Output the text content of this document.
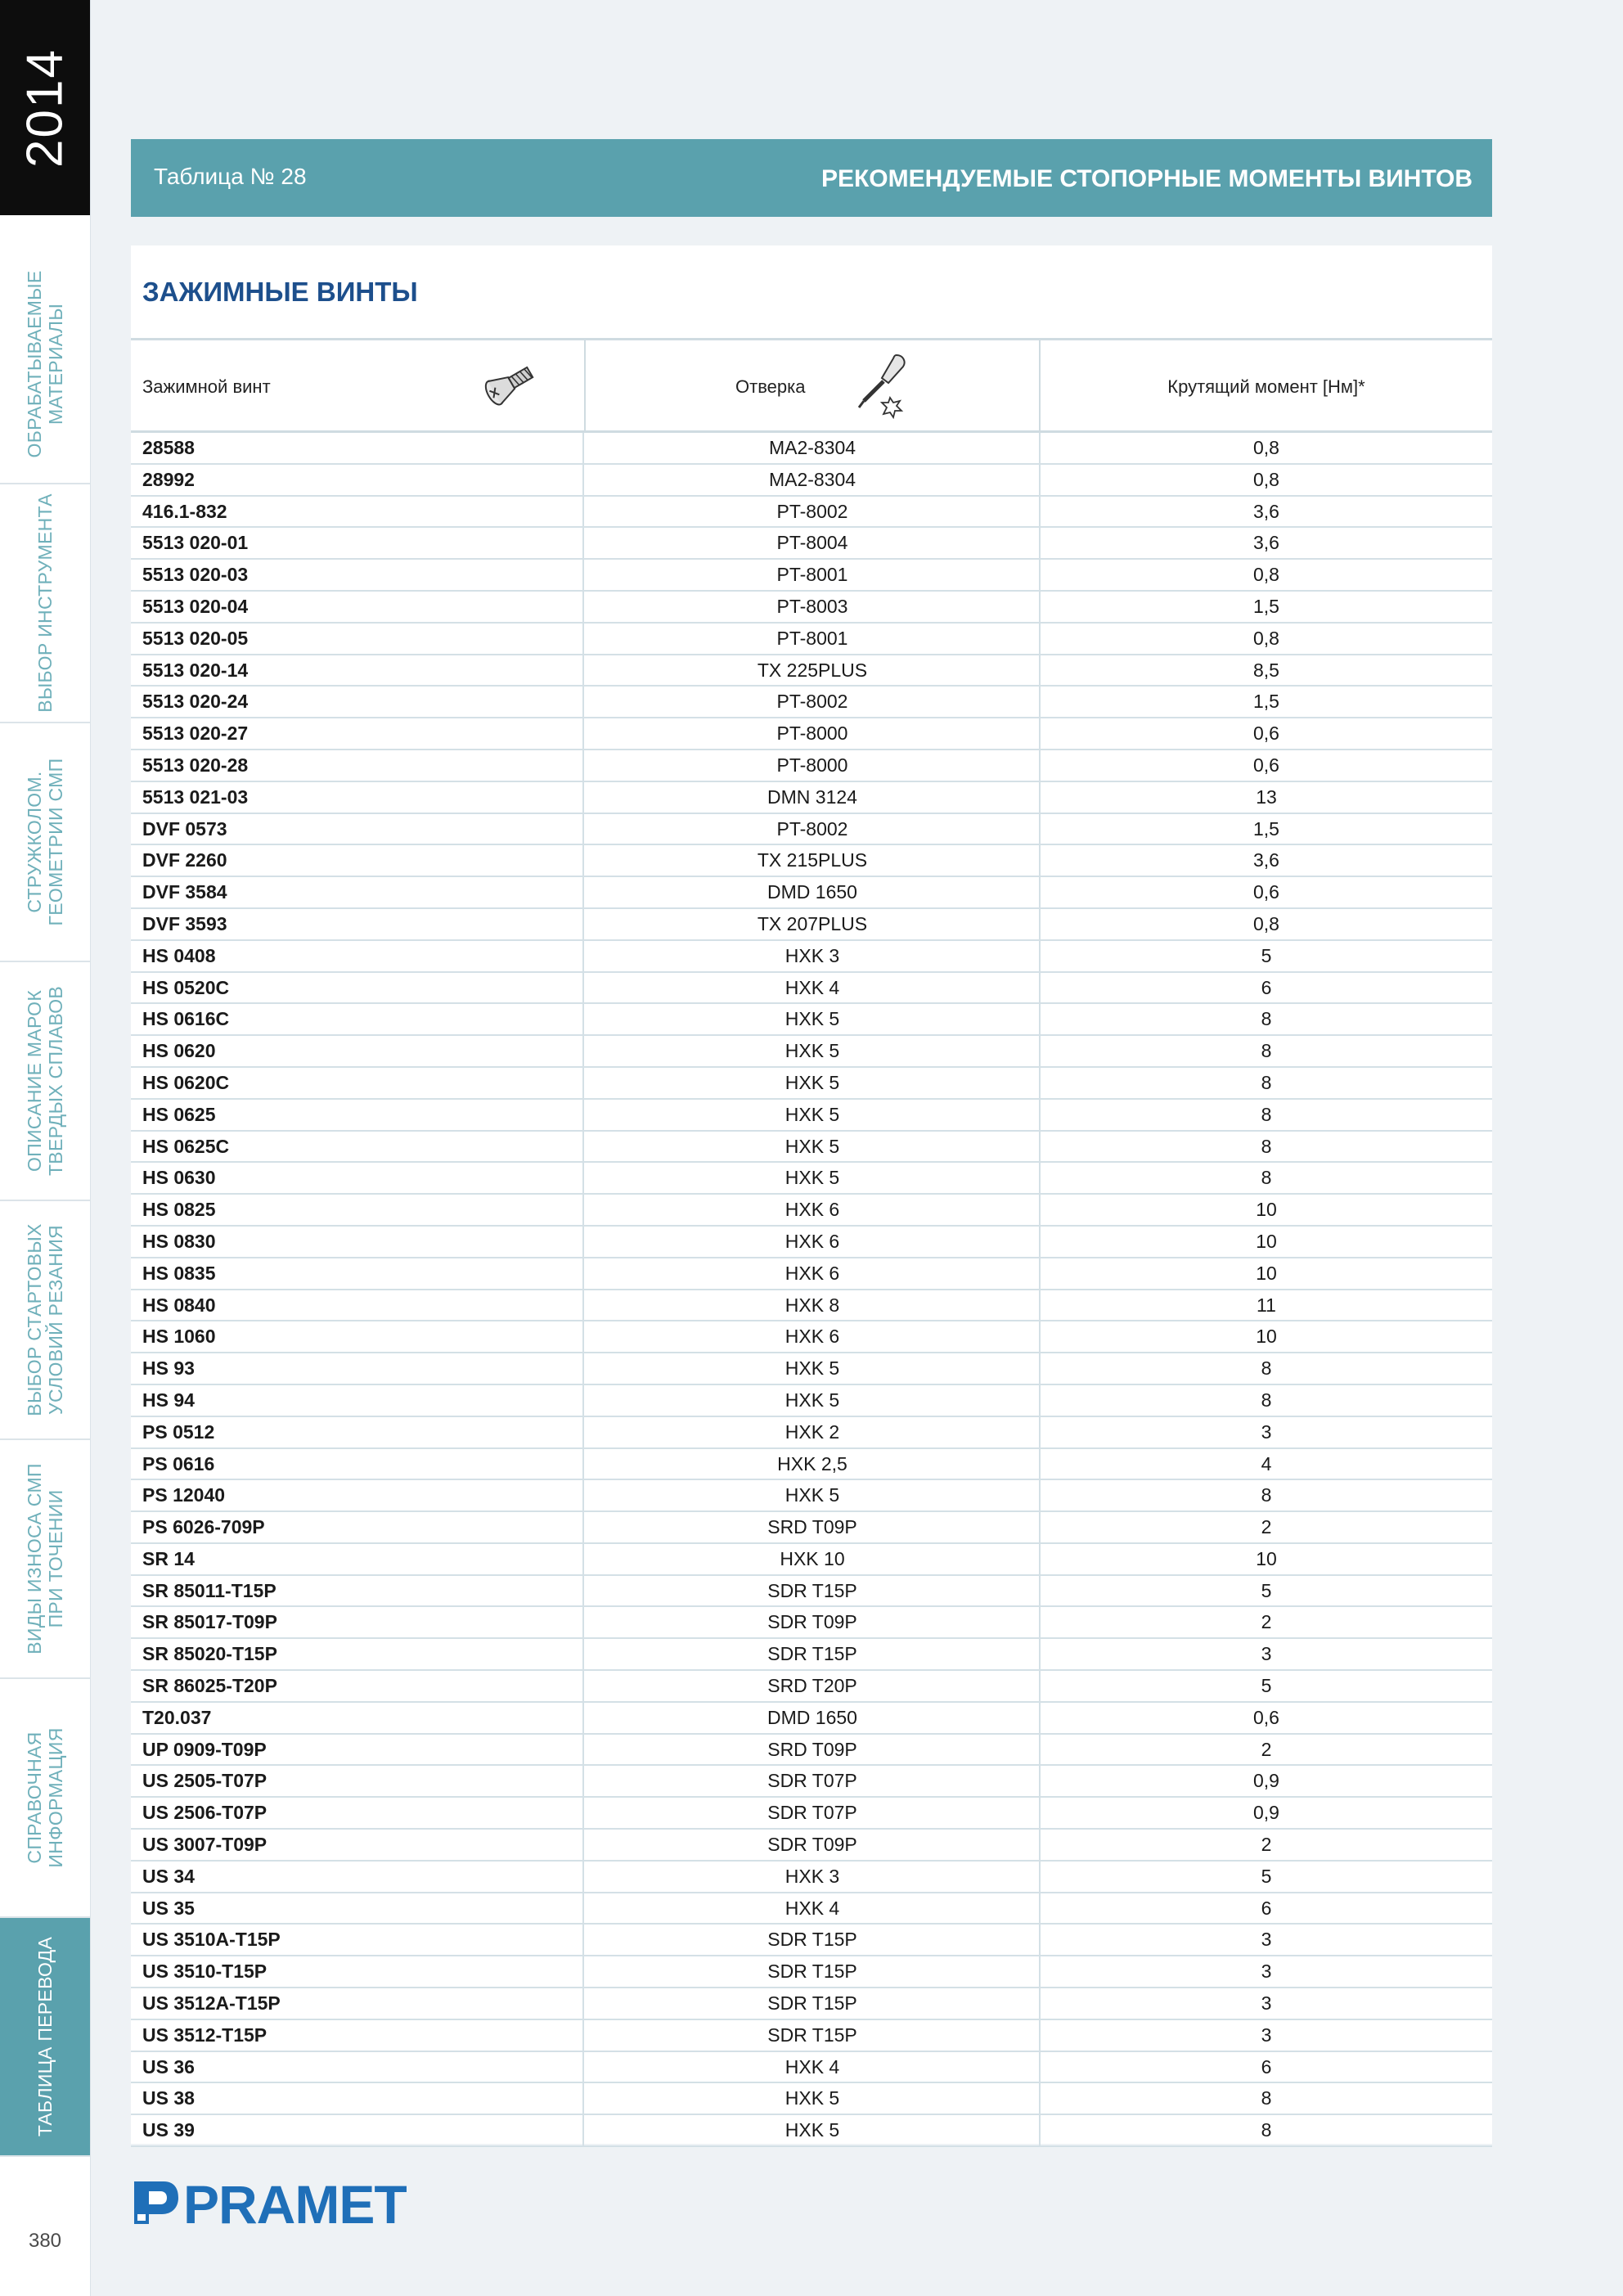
2014
ОБРАБАТЫВАЕМЫЕ МАТЕРИАЛЫ
ВЫБОР ИНСТРУМЕНТА
СТРУЖКОЛОМ. ГЕОМЕТРИИ СМП
ОПИСАНИЕ МАРОК ТВЕРДЫХ СПЛАВОВ
ВЫБОР СТАРТОВЫХ УСЛОВИЙ РЕЗАНИЯ
ВИДЫ ИЗНОСА СМП ПРИ ТОЧЕНИИ
СПРАВОЧНАЯ ИНФОРМАЦИЯ
ТАБЛИЦА ПЕРЕВОДА
380
Таблица № 28	РЕКОМЕНДУЕМЫЕ СТОПОРНЫЕ МОМЕНТЫ ВИНТОВ
ЗАЖИМНЫЕ ВИНТЫ
Зажимной винт	Отверка	Крутящий момент [Нм]*
28588	MA2-8304	0,8
28992	MA2-8304	0,8
416.1-832	PT-8002	3,6
5513 020-01	PT-8004	3,6
5513 020-03	PT-8001	0,8
5513 020-04	PT-8003	1,5
5513 020-05	PT-8001	0,8
5513 020-14	TX 225PLUS	8,5
5513 020-24	PT-8002	1,5
5513 020-27	PT-8000	0,6
5513 020-28	PT-8000	0,6
5513 021-03	DMN 3124	13
DVF 0573	PT-8002	1,5
DVF 2260	TX 215PLUS	3,6
DVF 3584	DMD 1650	0,6
DVF 3593	TX 207PLUS	0,8
HS 0408	HXK 3	5
HS 0520C	HXK 4	6
HS 0616C	HXK 5	8
HS 0620	HXK 5	8
HS 0620C	HXK 5	8
HS 0625	HXK 5	8
HS 0625C	HXK 5	8
HS 0630	HXK 5	8
HS 0825	HXK 6	10
HS 0830	HXK 6	10
HS 0835	HXK 6	10
HS 0840	HXK 8	11
HS 1060	HXK 6	10
HS 93	HXK 5	8
HS 94	HXK 5	8
PS 0512	HXK 2	3
PS 0616	HXK 2,5	4
PS 12040	HXK 5	8
PS 6026-709P	SRD T09P	2
SR 14	HXK 10	10
SR 85011-T15P	SDR T15P	5
SR 85017-T09P	SDR T09P	2
SR 85020-T15P	SDR T15P	3
SR 86025-T20P	SRD T20P	5
T20.037	DMD 1650	0,6
UP 0909-T09P	SRD T09P	2
US 2505-T07P	SDR T07P	0,9
US 2506-T07P	SDR T07P	0,9
US 3007-T09P	SDR T09P	2
US 34	HXK 3	5
US 35	HXK 4	6
US 3510A-T15P	SDR T15P	3
US 3510-T15P	SDR T15P	3
US 3512A-T15P	SDR T15P	3
US 3512-T15P	SDR T15P	3
US 36	HXK 4	6
US 38	HXK 5	8
US 39	HXK 5	8
PRAMET
